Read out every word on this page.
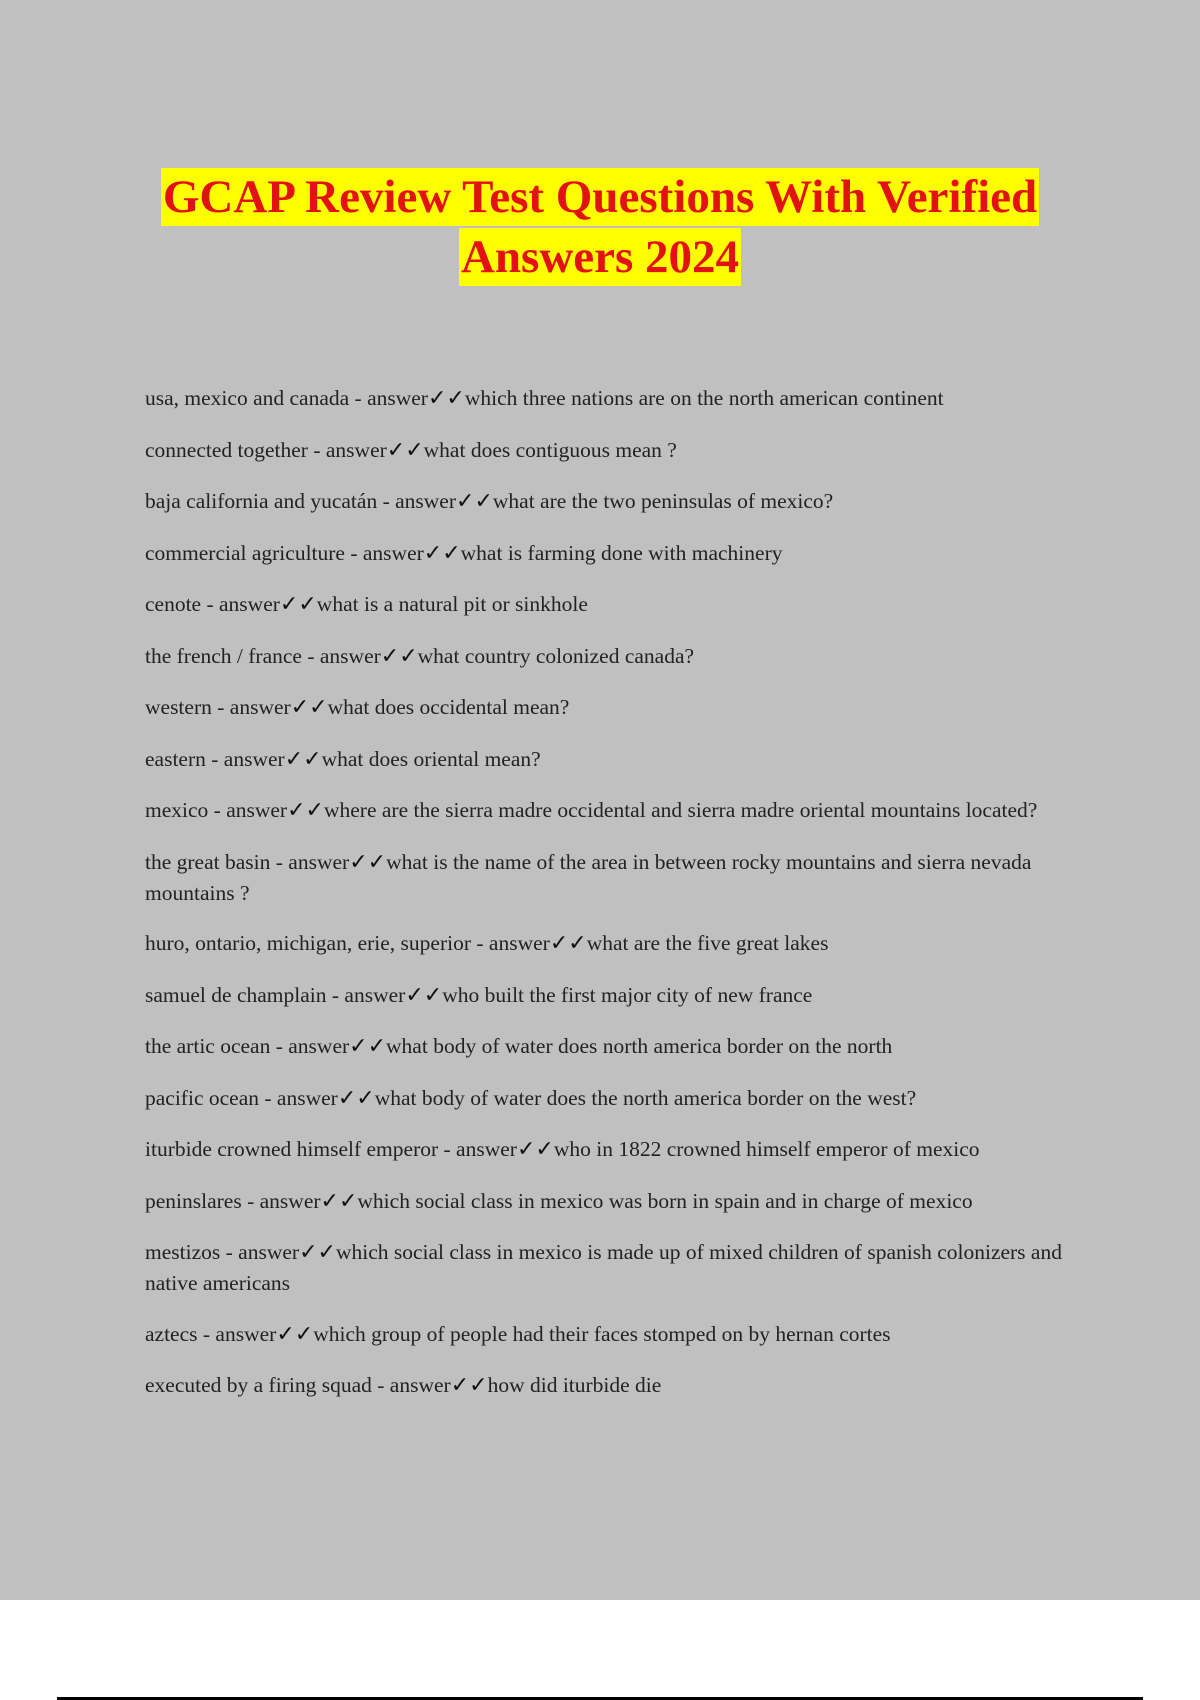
GCAP Review Test Questions With Verified
Answers 2024
usa, mexico and canada - answer✓✓which three nations are on the north american continent
connected together - answer✓✓what does contiguous mean ?
baja california and yucatán - answer✓✓what are the two peninsulas of mexico?
commercial agriculture - answer✓✓what is farming done with machinery
cenote - answer✓✓what is a natural pit or sinkhole
the french / france - answer✓✓what country colonized canada?
western - answer✓✓what does occidental mean?
eastern - answer✓✓what does oriental mean?
mexico - answer✓✓where are the sierra madre occidental and sierra madre oriental mountains located?
the great basin - answer✓✓what is the name of the area in between rocky mountains and sierra nevada mountains ?
huro, ontario, michigan, erie, superior - answer✓✓what are the five great lakes
samuel de champlain - answer✓✓who built the first major city of new france
the artic ocean - answer✓✓what body of water does north america border on the north
pacific ocean - answer✓✓what body of water does the north america border on the west?
iturbide crowned himself emperor - answer✓✓who in 1822 crowned himself emperor of mexico
peninslares - answer✓✓which social class in mexico was born in spain and in charge of mexico
mestizos - answer✓✓which social class in mexico is made up of mixed children of spanish colonizers and native americans
aztecs - answer✓✓which group of people had their faces stomped on by hernan cortes
executed by a firing squad - answer✓✓how did iturbide die
